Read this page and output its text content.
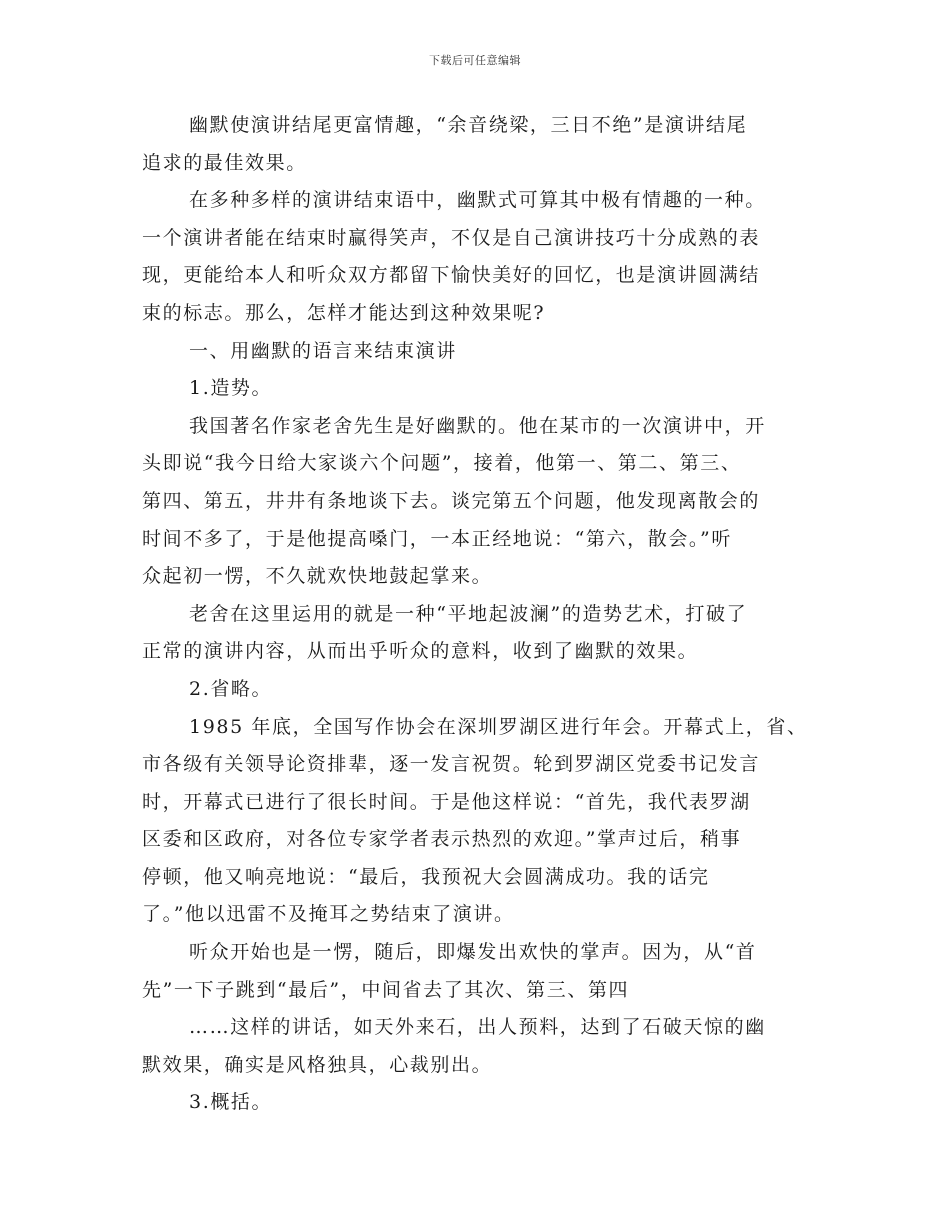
下载后可任意编辑
幽默使演讲结尾更富情趣，“余音绕梁，三日不绝”是演讲结尾
追求的最佳效果。
在多种多样的演讲结束语中，幽默式可算其中极有情趣的一种。
一个演讲者能在结束时赢得笑声，不仅是自己演讲技巧十分成熟的表
现，更能给本人和听众双方都留下愉快美好的回忆，也是演讲圆满结
束的标志。那么，怎样才能达到这种效果呢?
一、用幽默的语言来结束演讲
1.造势。
我国著名作家老舍先生是好幽默的。他在某市的一次演讲中，开
头即说“我今日给大家谈六个问题”，接着，他第一、第二、第三、
第四、第五，井井有条地谈下去。谈完第五个问题，他发现离散会的
时间不多了，于是他提高嗓门，一本正经地说：“第六，散会。”听
众起初一愣，不久就欢快地鼓起掌来。
老舍在这里运用的就是一种“平地起波澜”的造势艺术，打破了
正常的演讲内容，从而出乎听众的意料，收到了幽默的效果。
2.省略。
1985 年底，全国写作协会在深圳罗湖区进行年会。开幕式上，省、
市各级有关领导论资排辈，逐一发言祝贺。轮到罗湖区党委书记发言
时，开幕式已进行了很长时间。于是他这样说：“首先，我代表罗湖
区委和区政府，对各位专家学者表示热烈的欢迎。”掌声过后，稍事
停顿，他又响亮地说：“最后，我预祝大会圆满成功。我的话完
了。”他以迅雷不及掩耳之势结束了演讲。
听众开始也是一愣，随后，即爆发出欢快的掌声。因为，从“首
先”一下子跳到“最后”，中间省去了其次、第三、第四
……这样的讲话，如天外来石，出人预料，达到了石破天惊的幽
默效果，确实是风格独具，心裁别出。
3.概括。
